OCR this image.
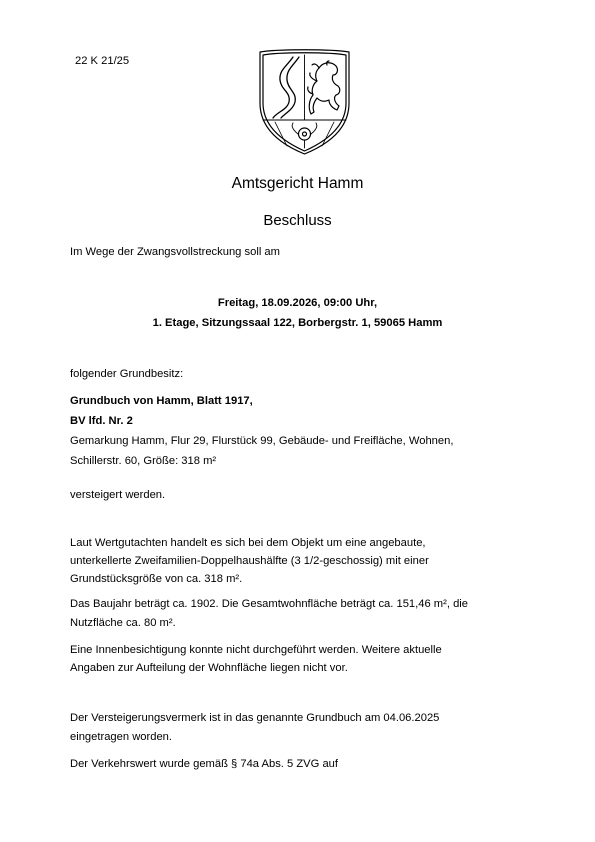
22 K 21/25
Amtsgericht Hamm
Beschluss
Im Wege der Zwangsvollstreckung soll am
Freitag, 18.09.2026, 09:00 Uhr,
1. Etage, Sitzungssaal 122, Borbergstr. 1, 59065 Hamm
folgender Grundbesitz:
Grundbuch von Hamm, Blatt 1917,
BV lfd. Nr. 2
Gemarkung Hamm, Flur 29, Flurstück 99, Gebäude- und Freifläche, Wohnen,
Schillerstr. 60, Größe: 318 m²
versteigert werden.
Laut Wertgutachten handelt es sich bei dem Objekt um eine angebaute,
unterkellerte Zweifamilien-Doppelhaushälfte (3 1/2-geschossig) mit einer
Grundstücksgröße von ca. 318 m².
Das Baujahr beträgt ca. 1902. Die Gesamtwohnfläche beträgt ca. 151,46 m², die
Nutzfläche ca. 80 m².
Eine Innenbesichtigung konnte nicht durchgeführt werden. Weitere aktuelle
Angaben zur Aufteilung der Wohnfläche liegen nicht vor.
Der Versteigerungsvermerk ist in das genannte Grundbuch am 04.06.2025
eingetragen worden.
Der Verkehrswert wurde gemäß § 74a Abs. 5 ZVG auf
